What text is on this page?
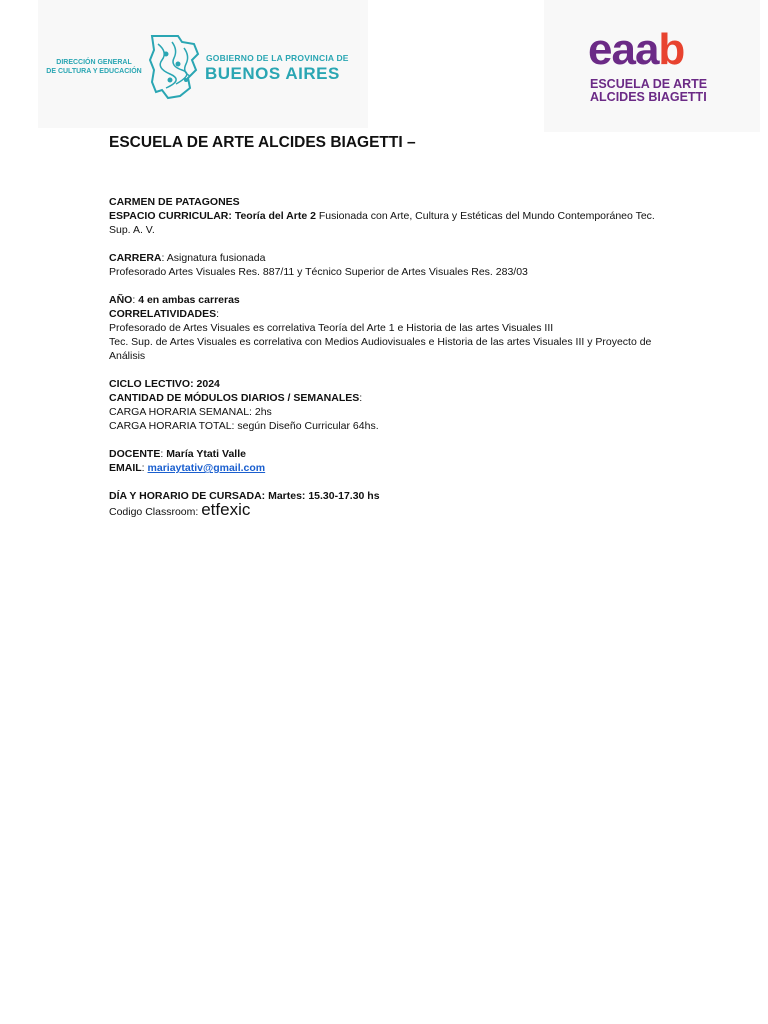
DIRECCIÓN GENERAL
DE CULTURA Y EDUCACIÓN
GOBIERNO DE LA PROVINCIA DE
BUENOS AIRES	eaab
ESCUELA DE ARTE
ALCIDES BIAGETTI
ESCUELA DE ARTE ALCIDES BIAGETTI –

CARMEN DE PATAGONES

ESPACIO CURRICULAR: Teoría del Arte 2 Fusionada con Arte, Cultura y Estéticas del Mundo Contemporáneo Tec. Sup. A. V.

CARRERA: Asignatura fusionada

Profesorado Artes Visuales Res. 887/11 y Técnico Superior de Artes Visuales Res. 283/03

AÑO: 4 en ambas carreras

CORRELATIVIDADES:

Profesorado de Artes Visuales es correlativa Teoría del Arte 1 e Historia de las artes Visuales III

Tec. Sup. de Artes Visuales es correlativa con Medios Audiovisuales e Historia de las artes Visuales III y Proyecto de Análisis

CICLO LECTIVO: 2024

CANTIDAD DE MÓDULOS DIARIOS / SEMANALES:

CARGA HORARIA SEMANAL: 2hs

CARGA HORARIA TOTAL: según Diseño Curricular 64hs.

DOCENTE: María Ytati Valle

EMAIL: mariaytativ@gmail.com

DÍA Y HORARIO DE CURSADA: Martes: 15.30-17.30 hs

Codigo Classroom: etfexic
